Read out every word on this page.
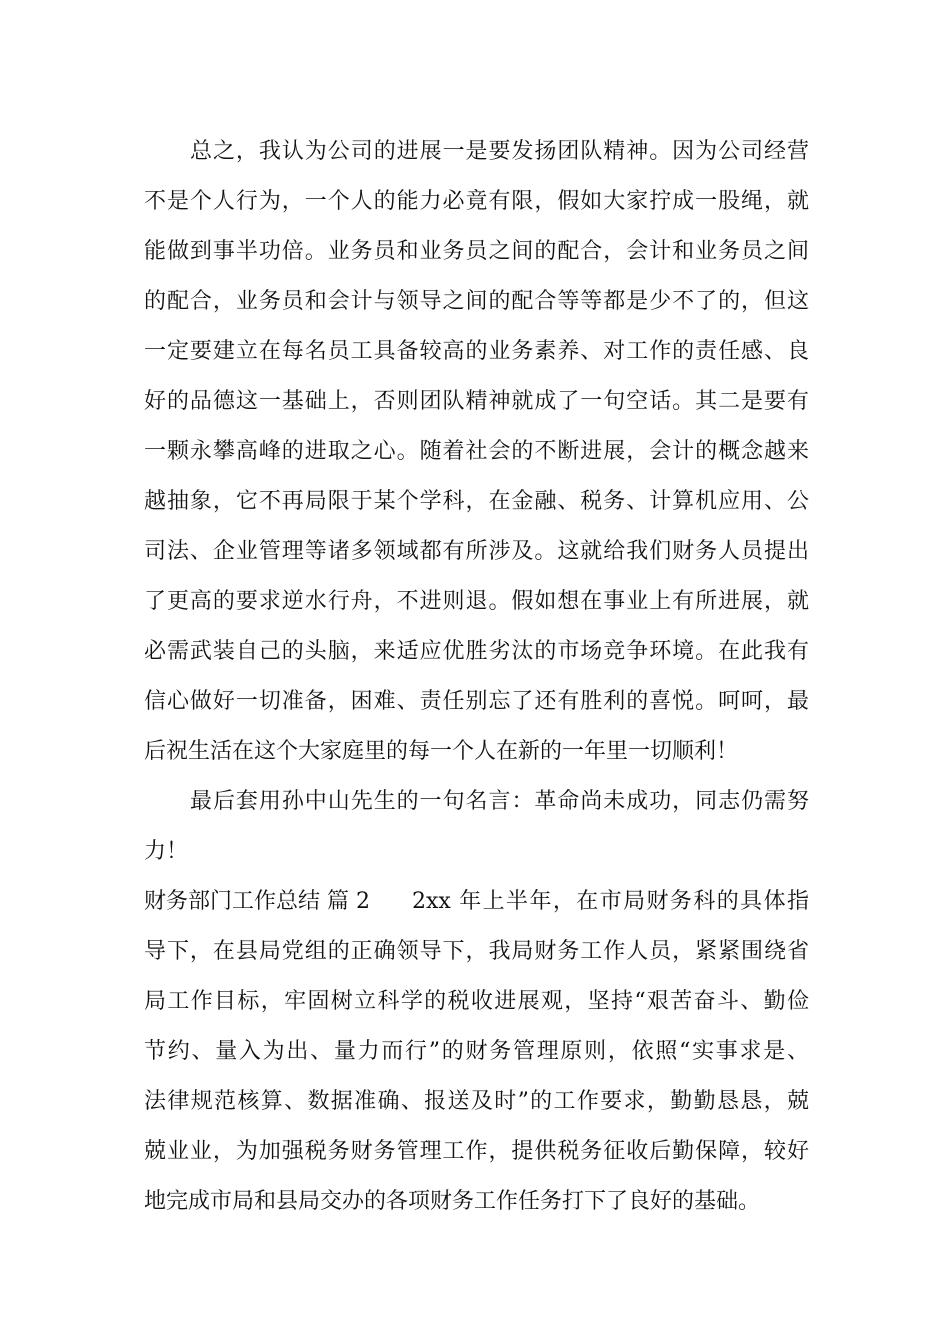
总之，我认为公司的进展一是要发扬团队精神。因为公司经营
不是个人行为，一个人的能力必竟有限，假如大家拧成一股绳，就
能做到事半功倍。业务员和业务员之间的配合，会计和业务员之间
的配合，业务员和会计与领导之间的配合等等都是少不了的，但这
一定要建立在每名员工具备较高的业务素养、对工作的责任感、良
好的品德这一基础上，否则团队精神就成了一句空话。其二是要有
一颗永攀高峰的进取之心。随着社会的不断进展，会计的概念越来
越抽象，它不再局限于某个学科，在金融、税务、计算机应用、公
司法、企业管理等诸多领域都有所涉及。这就给我们财务人员提出
了更高的要求逆水行舟，不进则退。假如想在事业上有所进展，就
必需武装自己的头脑，来适应优胜劣汰的市场竞争环境。在此我有
信心做好一切准备，困难、责任别忘了还有胜利的喜悦。呵呵，最
后祝生活在这个大家庭里的每一个人在新的一年里一切顺利！
最后套用孙中山先生的一句名言：革命尚未成功，同志仍需努
力！
财务部门工作总结 篇 2	2xx 年上半年，在市局财务科的具体指
导下，在县局党组的正确领导下，我局财务工作人员，紧紧围绕省
局工作目标，牢固树立科学的税收进展观，坚持“艰苦奋斗、勤俭
节约、量入为出、量力而行”的财务管理原则，依照“实事求是、
法律规范核算、数据准确、报送及时”的工作要求，勤勤恳恳，兢
兢业业，为加强税务财务管理工作，提供税务征收后勤保障，较好
地完成市局和县局交办的各项财务工作任务打下了良好的基础。
